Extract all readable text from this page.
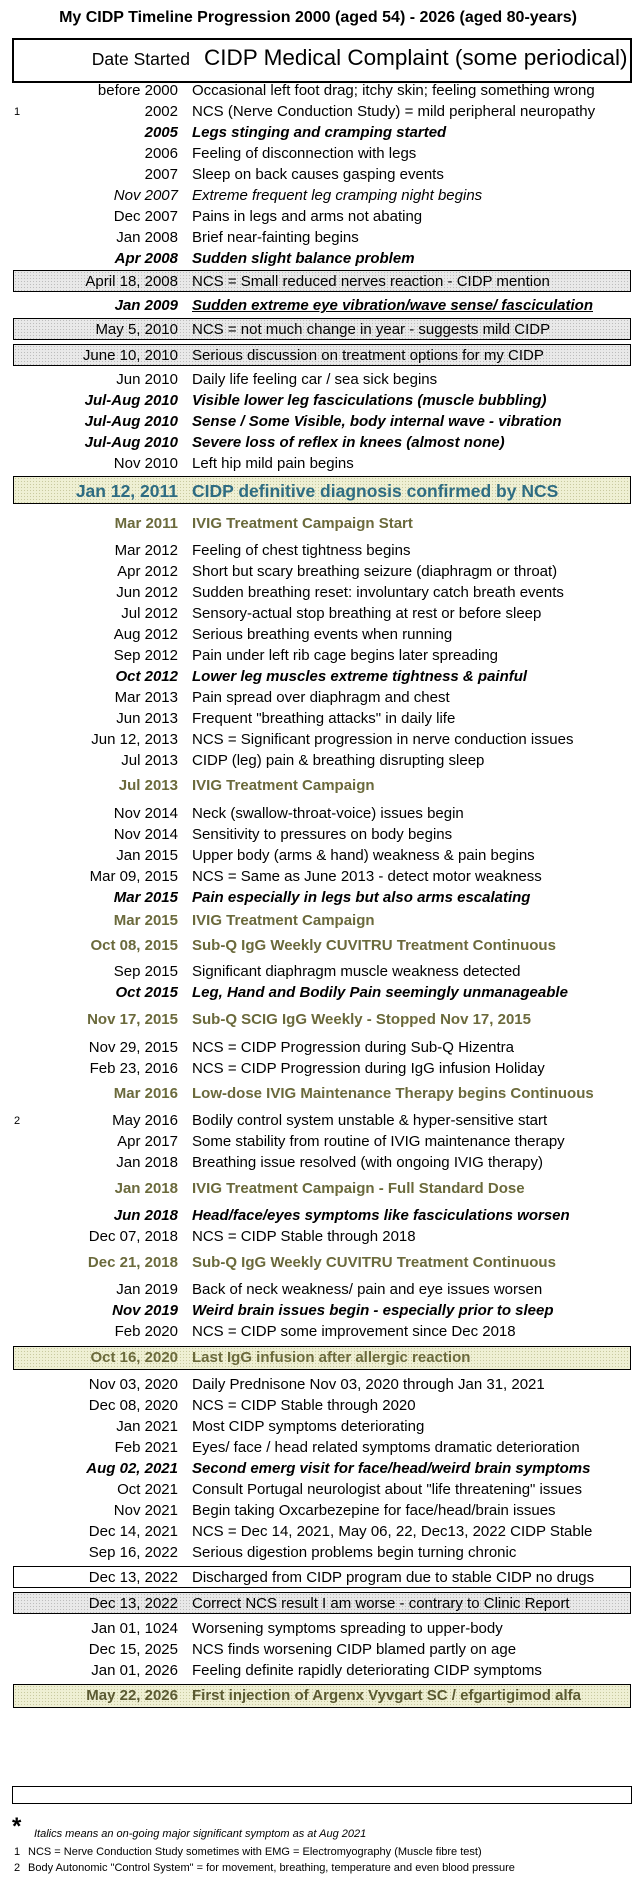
My CIDP Timeline Progression 2000 (aged 54) - 2026 (aged 80-years)
Date Started CIDP Medical Complaint (some periodical)
before 2000 Occasional left foot drag; itchy skin; feeling something wrong
2002 NCS (Nerve Conduction Study) = mild peripheral neuropathy
1
2005 Legs stinging and cramping started
2006 Feeling of disconnection with legs
2007 Sleep on back causes gasping events
Nov 2007 Extreme frequent leg cramping night begins
Dec 2007 Pains in legs and arms not abating
Jan 2008 Brief near-fainting begins
Apr 2008 Sudden slight balance problem
April 18, 2008 NCS = Small reduced nerves reaction - CIDP mention
Jan 2009 Sudden extreme eye vibration/wave sense/ fasciculation
May 5, 2010 NCS = not much change in year - suggests mild CIDP
June 10, 2010 Serious discussion on treatment options for my CIDP
Jun 2010 Daily life feeling car / sea sick begins
Jul-Aug 2010 Visible lower leg fasciculations (muscle bubbling)
Jul-Aug 2010 Sense / Some Visible, body internal wave - vibration
Jul-Aug 2010 Severe loss of reflex in knees (almost none)
Nov 2010 Left hip mild pain begins
Jan 12, 2011 CIDP definitive diagnosis confirmed by NCS
Mar 2011 IVIG Treatment Campaign Start
Mar 2012 Feeling of chest tightness begins
Apr 2012 Short but scary breathing seizure (diaphragm or throat)
Jun 2012 Sudden breathing reset: involuntary catch breath events
Jul 2012 Sensory-actual stop breathing at rest or before sleep
Aug 2012 Serious breathing events when running
Sep 2012 Pain under left rib cage begins later spreading
Oct 2012 Lower leg muscles extreme tightness & painful
Mar 2013 Pain spread over diaphragm and chest
Jun 2013 Frequent "breathing attacks" in daily life
Jun 12, 2013 NCS = Significant progression in nerve conduction issues
Jul 2013 CIDP (leg) pain & breathing disrupting sleep
Jul 2013 IVIG Treatment Campaign
Nov 2014 Neck (swallow-throat-voice) issues begin
Nov 2014 Sensitivity to pressures on body begins
Jan 2015 Upper body (arms & hand) weakness & pain begins
Mar 09, 2015 NCS = Same as June 2013 - detect motor weakness
Mar 2015 Pain especially in legs but also arms escalating
Mar 2015 IVIG Treatment Campaign
Oct 08, 2015 Sub-Q IgG Weekly CUVITRU Treatment Continuous
Sep 2015 Significant diaphragm muscle weakness detected
Oct 2015 Leg, Hand and Bodily Pain seemingly unmanageable
Nov 17, 2015 Sub-Q SCIG IgG Weekly - Stopped Nov 17, 2015
Nov 29, 2015 NCS = CIDP Progression during Sub-Q Hizentra
Feb 23, 2016 NCS = CIDP Progression during IgG infusion Holiday
Mar 2016 Low-dose IVIG Maintenance Therapy begins Continuous
May 2016 Bodily control system unstable & hyper-sensitive start
2
Apr 2017 Some stability from routine of IVIG maintenance therapy
Jan 2018 Breathing issue resolved (with ongoing IVIG therapy)
Jan 2018 IVIG Treatment Campaign - Full Standard Dose
Jun 2018 Head/face/eyes symptoms like fasciculations worsen
Dec 07, 2018 NCS = CIDP Stable through 2018
Dec 21, 2018 Sub-Q IgG Weekly CUVITRU Treatment Continuous
Jan 2019 Back of neck weakness/ pain and eye issues worsen
Nov 2019 Weird brain issues begin - especially prior to sleep
Feb 2020 NCS = CIDP some improvement since Dec 2018
Oct 16, 2020 Last IgG infusion after allergic reaction
Nov 03, 2020 Daily Prednisone Nov 03, 2020 through Jan 31, 2021
Dec 08, 2020 NCS = CIDP Stable through 2020
Jan 2021 Most CIDP symptoms deteriorating
Feb 2021 Eyes/ face / head related symptoms dramatic deterioration
Aug 02, 2021 Second emerg visit for face/head/weird brain symptoms
Oct 2021 Consult Portugal neurologist about "life threatening" issues
Nov 2021 Begin taking Oxcarbezepine for face/head/brain issues
Dec 14, 2021 NCS = Dec 14, 2021, May 06, 22, Dec13, 2022 CIDP Stable
Sep 16, 2022 Serious digestion problems begin turning chronic
Dec 13, 2022 Discharged from CIDP program due to stable CIDP no drugs
Dec 13, 2022 Correct NCS result I am worse - contrary to Clinic Report
Jan 01, 1024 Worsening symptoms spreading to upper-body
Dec 15, 2025 NCS finds worsening CIDP blamed partly on age
Jan 01, 2026 Feeling definite rapidly deteriorating CIDP symptoms
May 22, 2026 First injection of Argenx Vyvgart SC / efgartigimod alfa
* Italics means an on-going major significant symptom as at Aug 2021
1 NCS = Nerve Conduction Study sometimes with EMG = Electromyography (Muscle fibre test)
2 Body Autonomic "Control System" = for movement, breathing, temperature and even blood pressure
